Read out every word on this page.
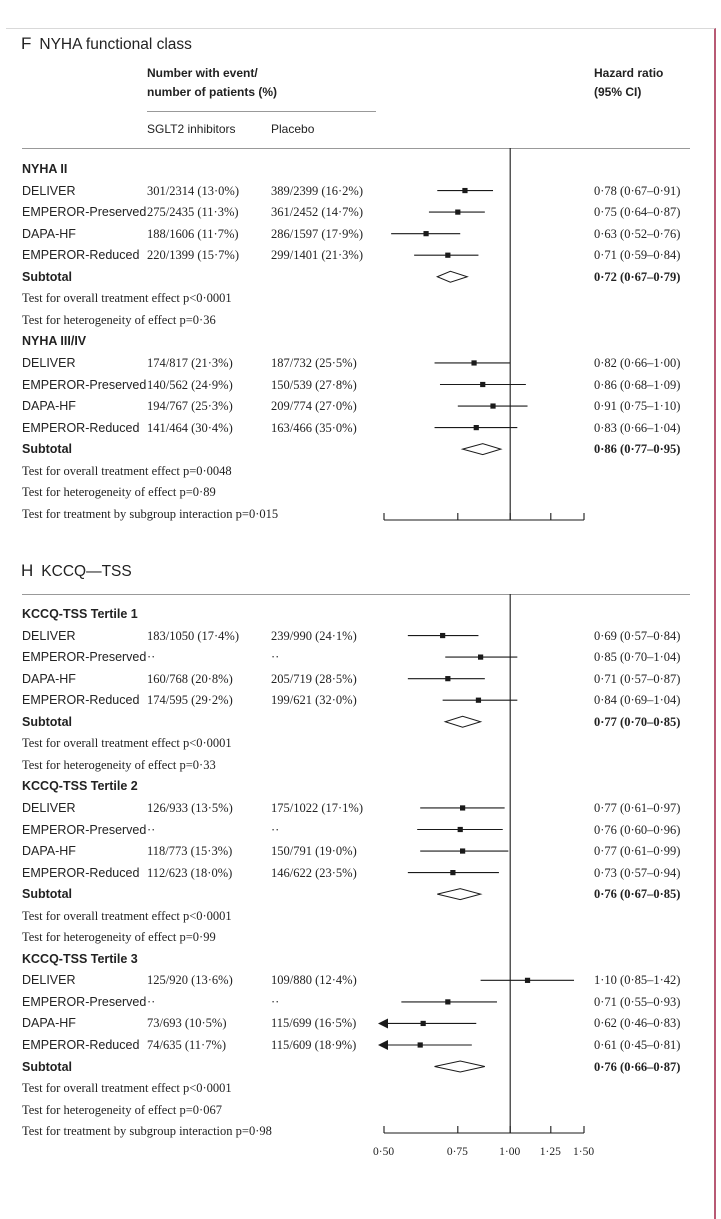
F NYHA functional class
Number with event/
number of patients (%)
Hazard ratio
(95% CI)
SGLT2 inhibitors	Placebo
NYHA II
DELIVER	301/2314 (13·0%)	389/2399 (16·2%)	0·78 (0·67–0·91)
EMPEROR-Preserved 275/2435 (11·3%)	361/2452 (14·7%)	0·75 (0·64–0·87)
DAPA-HF	188/1606 (11·7%)	286/1597 (17·9%)	0·63 (0·52–0·76)
EMPEROR-Reduced 220/1399 (15·7%)	299/1401 (21·3%)	0·71 (0·59–0·84)
Subtotal	0·72 (0·67–0·79)
Test for overall treatment effect p<0·0001
Test for heterogeneity of effect p=0·36
NYHA III/IV
DELIVER	174/817 (21·3%)	187/732 (25·5%)	0·82 (0·66–1·00)
EMPEROR-Preserved 140/562 (24·9%)	150/539 (27·8%)	0·86 (0·68–1·09)
DAPA-HF	194/767 (25·3%)	209/774 (27·0%)	0·91 (0·75–1·10)
EMPEROR-Reduced 141/464 (30·4%)	163/466 (35·0%)	0·83 (0·66–1·04)
Subtotal	0·86 (0·77–0·95)
Test for overall treatment effect p=0·0048
Test for heterogeneity of effect p=0·89
Test for treatment by subgroup interaction p=0·015
H KCCQ—TSS
KCCQ-TSS Tertile 1
DELIVER	183/1050 (17·4%)	239/990 (24·1%)	0·69 (0·57–0·84)
EMPEROR-Preserved ··	··	0·85 (0·70–1·04)
DAPA-HF	160/768 (20·8%)	205/719 (28·5%)	0·71 (0·57–0·87)
EMPEROR-Reduced 174/595 (29·2%)	199/621 (32·0%)	0·84 (0·69–1·04)
Subtotal	0·77 (0·70–0·85)
Test for overall treatment effect p<0·0001
Test for heterogeneity of effect p=0·33
KCCQ-TSS Tertile 2
DELIVER	126/933 (13·5%)	175/1022 (17·1%)	0·77 (0·61–0·97)
EMPEROR-Preserved ··	··	0·76 (0·60–0·96)
DAPA-HF	118/773 (15·3%)	150/791 (19·0%)	0·77 (0·61–0·99)
EMPEROR-Reduced 112/623 (18·0%)	146/622 (23·5%)	0·73 (0·57–0·94)
Subtotal	0·76 (0·67–0·85)
Test for overall treatment effect p<0·0001
Test for heterogeneity of effect p=0·99
KCCQ-TSS Tertile 3
DELIVER	125/920 (13·6%)	109/880 (12·4%)	1·10 (0·85–1·42)
EMPEROR-Preserved ··	··	0·71 (0·55–0·93)
DAPA-HF	73/693 (10·5%)	115/699 (16·5%)	0·62 (0·46–0·83)
EMPEROR-Reduced 74/635 (11·7%)	115/609 (18·9%)	0·61 (0·45–0·81)
Subtotal	0·76 (0·66–0·87)
Test for overall treatment effect p<0·0001
Test for heterogeneity of effect p=0·067
Test for treatment by subgroup interaction p=0·98
0·50	0·75	1·00 1·25 1·50
